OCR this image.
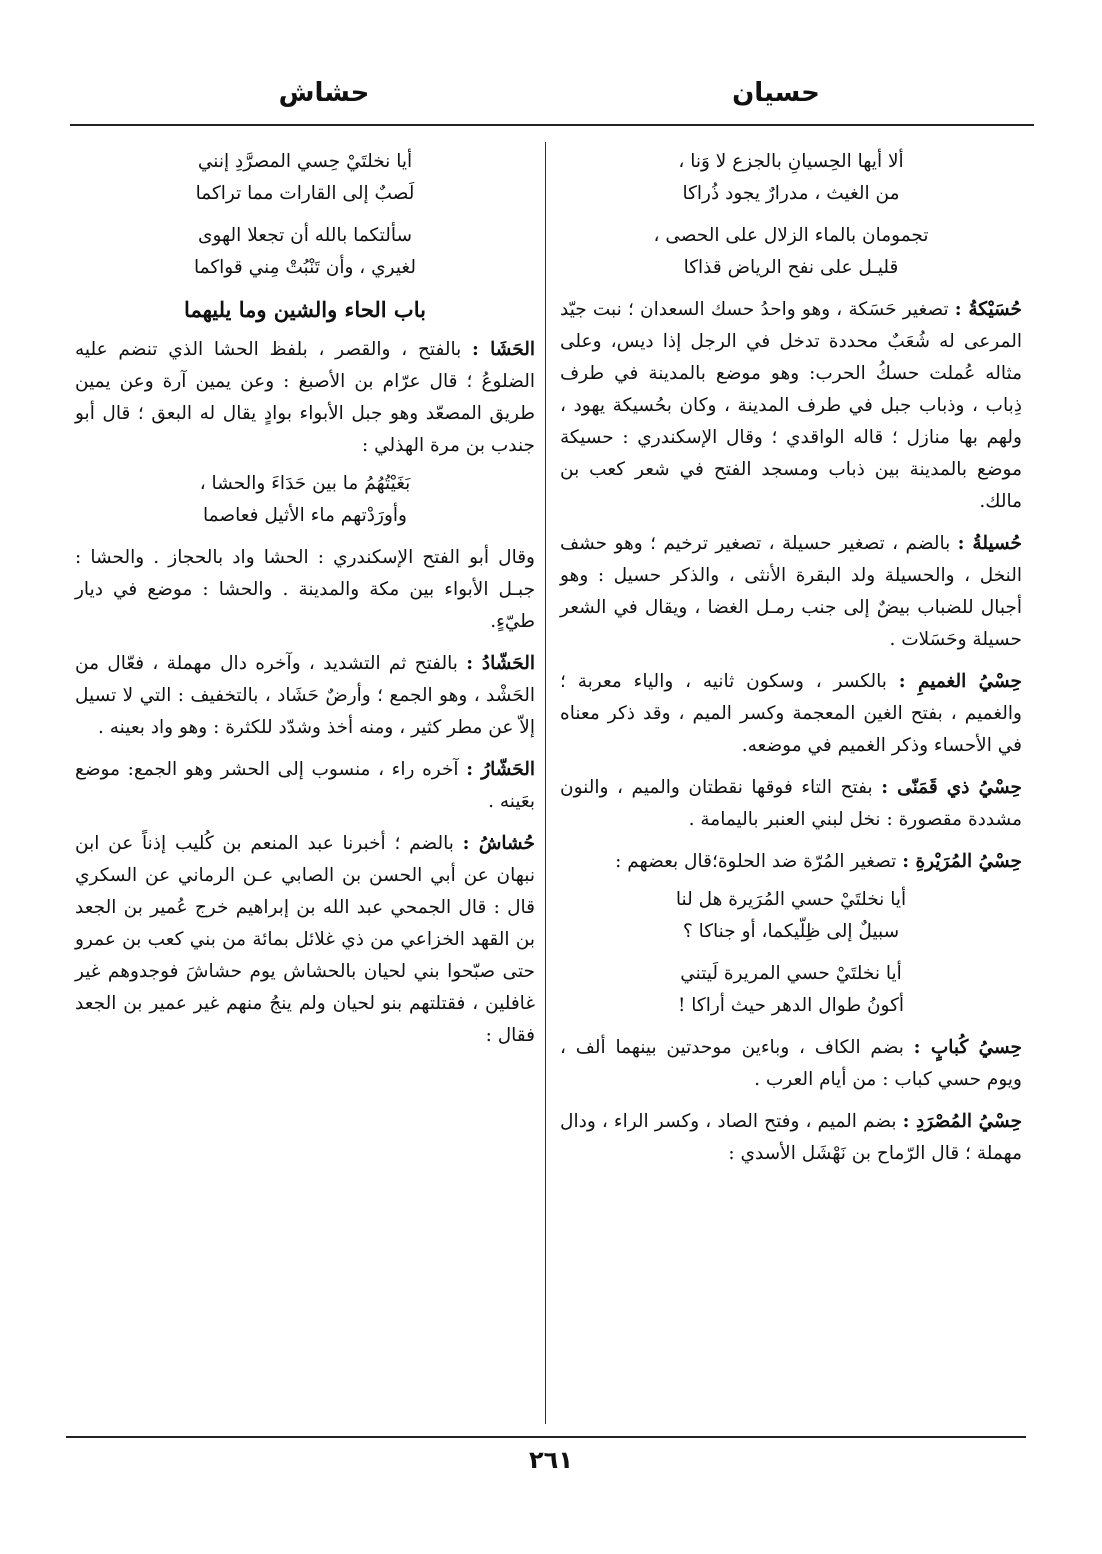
حسيان
حشاش

ألا أيها الحِسيانِ بالجزع لا وَنا ،

من الغيث ، مدرارٌ يجود ذُراكا

تجمومان بالماء الزلال على الحصى ،

قليـل على نفح الرياض قذاكا

حُسَيْكةُ : تصغير حَسَكة ، وهو واحدُ حسك السعدان ؛ نبت جيّد المرعى له شُعَبٌ محددة تدخل في الرجل إذا ديس، وعلى مثاله عُملت حسكُ الحرب: وهو موضع بالمدينة في طرف ذِباب ، وذباب جبل في طرف المدينة ، وكان بحُسيكة يهود ، ولهم بها منازل ؛ قاله الواقدي ؛ وقال الإسكندري : حسيكة موضع بالمدينة بين ذباب ومسجد الفتح في شعر كعب بن مالك.

حُسيلةُ : بالضم ، تصغير حسيلة ، تصغير ترخيم ؛ وهو حشف النخل ، والحسيلة ولد البقرة الأنثى ، والذكر حسيل : وهو أجبال للضباب بيضٌ إلى جنب رمـل الغضا ، ويقال في الشعر حسيلة وحَسَلات .

حِسْيُ الغميمِ : بالكسر ، وسكون ثانيه ، والياء معربة ؛ والغميم ، بفتح الغين المعجمة وكسر الميم ، وقد ذكر معناه في الأحساء وذكر الغميم في موضعه.

حِسْيُ ذي قَمَنّى : بفتح التاء فوقها نقطتان والميم ، والنون مشددة مقصورة : نخل لبني العنبر باليمامة .

حِسْيُ المُرَيْرةِ : تصغير المُرّة ضد الحلوة؛قال بعضهم :

أيا نخلتَيْ حسي المُرَيرة هل لنا

سبيلٌ إلى ظِلّيكما، أو جناكا ؟

أيا نخلتَيْ حسي المريرة لَيتني

أكونُ طوال الدهر حيث أراكا !

حِسيُ كُبابٍ : بضم الكاف ، وباءين موحدتين بينهما ألف ، ويوم حسي كباب : من أيام العرب .

حِسْيُ المُصْرَدِ : بضم الميم ، وفتح الصاد ، وكسر الراء ، ودال مهملة ؛ قال الرّماح بن نَهْشَل الأسدي :

أيا نخلتَيْ حِسي المصرَّدِ إنني

لَصبٌ إلى القارات مما تراكما

سألتكما بالله أن تجعلا الهوى

لغيري ، وأن تَنْبُتْ مِني قواكما

باب الحاء والشين وما يليهما

الحَشَا : بالفتح ، والقصر ، بلفظ الحشا الذي تنضم عليه الضلوعُ ؛ قال عرّام بن الأصبغ : وعن يمين آرة وعن يمين طريق المصعّد وهو جبل الأبواء بوادٍ يقال له البعق ؛ قال أبو جندب بن مرة الهذلي :

بَغَيْتُهُمُ ما بين حَدَاءَ والحشا ،

وأورَدْتهم ماء الأثيل فعاصما

وقال أبو الفتح الإسكندري : الحشا واد بالحجاز . والحشا : جبـل الأبواء بين مكة والمدينة . والحشا : موضع في ديار طيّءٍ.

الحَشّادُ : بالفتح ثم التشديد ، وآخره دال مهملة ، فعّال من الحَشْد ، وهو الجمع ؛ وأرضٌ حَشَاد ، بالتخفيف : التي لا تسيل إلاّ عن مطر كثير ، ومنه أخذ وشدّد للكثرة : وهو واد بعينه .

الحَشّارُ : آخره راء ، منسوب إلى الحشر وهو الجمع: موضع بعَينه .

حُشاشُ : بالضم ؛ أخبرنا عبد المنعم بن كُليب إذناً عن ابن نبهان عن أبي الحسن بن الصابي عـن الرماني عن السكري قال : قال الجمحي عبد الله بن إبراهيم خرج عُمير بن الجعد بن القهد الخزاعي من ذي غلائل بمائة من بني كعب بن عمرو حتى صبّحوا بني لحيان بالحشاش يوم حشاشَ فوجدوهم غير غافلين ، فقتلتهم بنو لحيان ولم ينجُ منهم غير عمير بن الجعد فقال :

٢٦١
